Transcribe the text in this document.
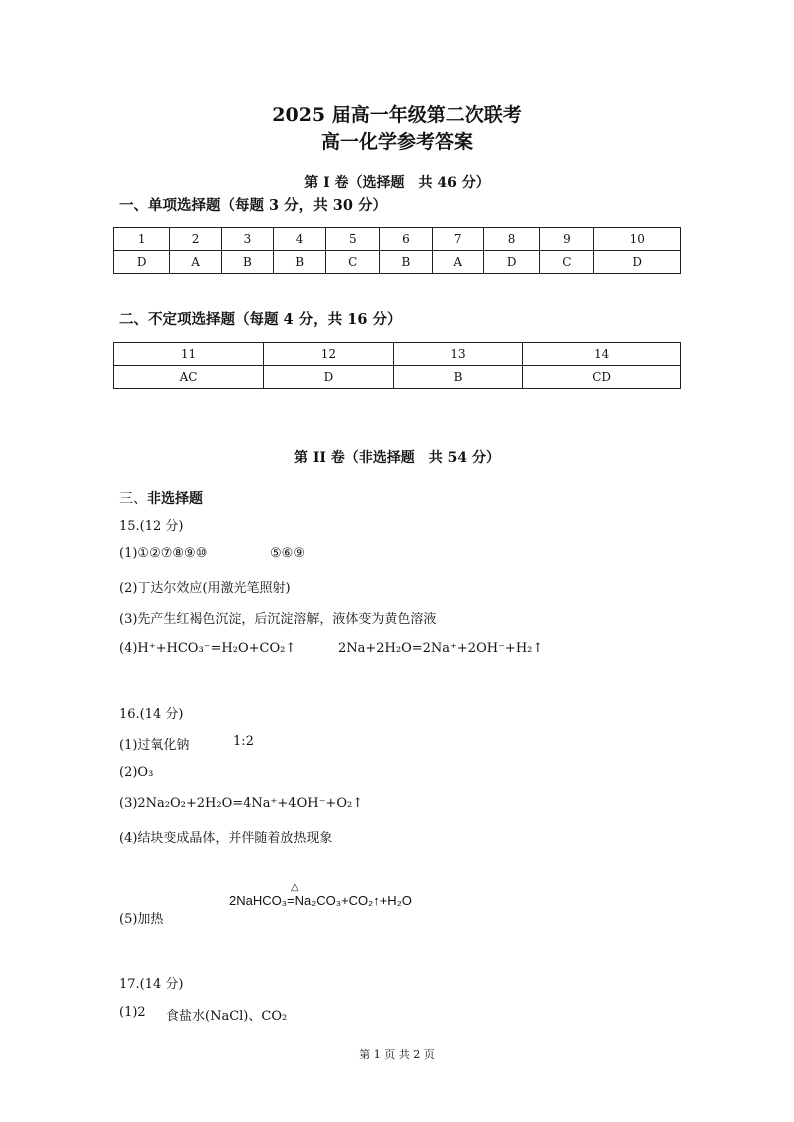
2025 届高一年级第二次联考
高一化学参考答案
第 I 卷（选择题　共 46 分）
一、单项选择题（每题 3 分，共 30 分）
1	2	3	4	5	6	7	8	9	10
D	A	B	B	C	B	A	D	C	D
二、不定项选择题（每题 4 分，共 16 分）
11	12	13	14
AC	D	B	CD
第 II 卷（非选择题　共 54 分）
三、非选择题
15.(12 分)
(1)①②⑦⑧⑨⑩	⑤⑥⑨
(2)丁达尔效应(用激光笔照射)
(3)先产生红褐色沉淀，后沉淀溶解，液体变为黄色溶液
(4)H⁺+HCO₃⁻=H₂O+CO₂↑	2Na+2H₂O=2Na⁺+2OH⁻+H₂↑
16.(14 分)
(1)过氧化钠	1:2
(2)O₃
(3)2Na₂O₂+2H₂O=4Na⁺+4OH⁻+O₂↑
(4)结块变成晶体，并伴随着放热现象
△
2NaHCO₃=Na₂CO₃+CO₂↑+H₂O
(5)加热
17.(14 分)
(1)2 食盐水(NaCl)、CO₂
第 1 页 共 2 页
